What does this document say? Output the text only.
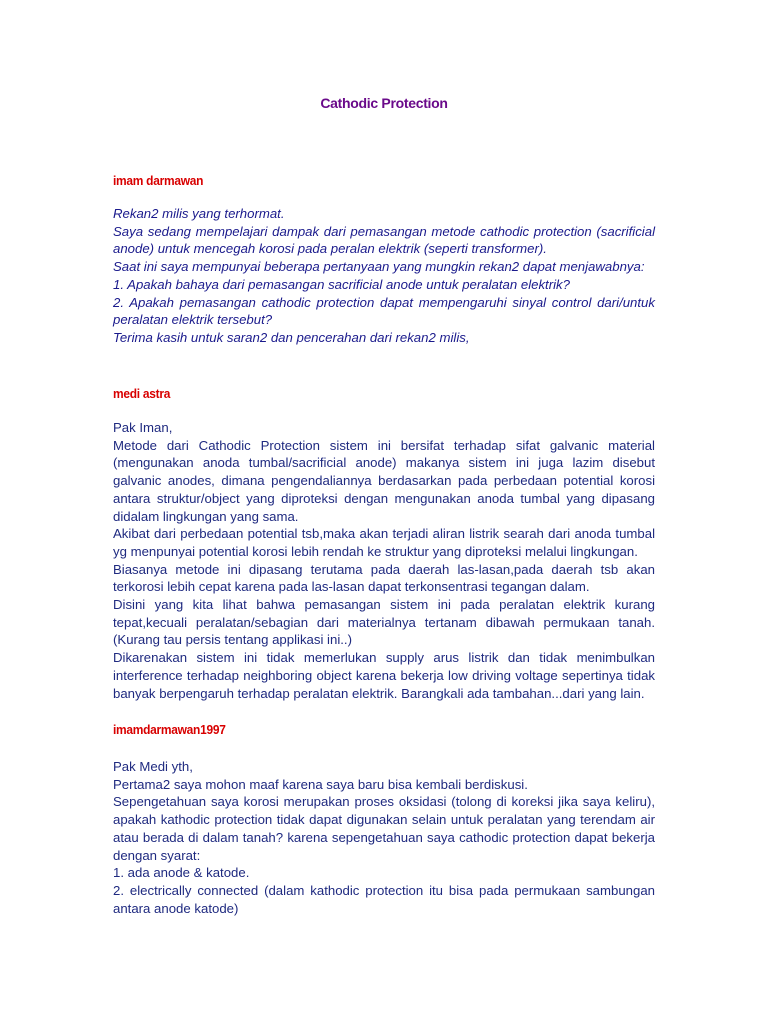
Cathodic Protection
imam darmawan

Rekan2 milis yang terhormat.

Saya sedang mempelajari dampak dari pemasangan metode cathodic protection (sacrificial anode) untuk mencegah korosi pada peralan elektrik (seperti transformer).

Saat ini saya mempunyai beberapa pertanyaan yang mungkin rekan2 dapat menjawabnya:

1. Apakah bahaya dari pemasangan sacrificial anode untuk peralatan elektrik?

2. Apakah pemasangan cathodic protection dapat mempengaruhi sinyal control dari/untuk peralatan elektrik tersebut?

Terima kasih untuk saran2 dan pencerahan dari rekan2 milis,

medi astra

Pak Iman,

Metode dari Cathodic Protection sistem ini bersifat terhadap sifat galvanic material (mengunakan anoda tumbal/sacrificial anode) makanya sistem ini juga lazim disebut galvanic anodes, dimana pengendaliannya berdasarkan pada perbedaan potential korosi antara struktur/object yang diproteksi dengan mengunakan anoda tumbal yang dipasang didalam lingkungan yang sama.

Akibat dari perbedaan potential tsb,maka akan terjadi aliran listrik searah dari anoda tumbal yg menpunyai potential korosi lebih rendah ke struktur yang diproteksi melalui lingkungan.

Biasanya metode ini dipasang terutama pada daerah las-lasan,pada daerah tsb akan terkorosi lebih cepat karena pada las-lasan dapat terkonsentrasi tegangan dalam.

Disini yang kita lihat bahwa pemasangan sistem ini pada peralatan elektrik kurang tepat,kecuali peralatan/sebagian dari materialnya tertanam dibawah permukaan tanah.(Kurang tau persis tentang applikasi ini..)

Dikarenakan sistem ini tidak memerlukan supply arus listrik dan tidak menimbulkan interference terhadap neighboring object karena bekerja low driving voltage sepertinya tidak banyak berpengaruh terhadap peralatan elektrik. Barangkali ada tambahan...dari yang lain.

imamdarmawan1997

Pak Medi yth,

Pertama2 saya mohon maaf karena saya baru bisa kembali berdiskusi.

Sepengetahuan saya korosi merupakan proses oksidasi (tolong di koreksi jika saya keliru), apakah kathodic protection tidak dapat digunakan selain untuk peralatan yang terendam air atau berada di dalam tanah? karena sepengetahuan saya cathodic protection dapat bekerja dengan syarat:

1. ada anode & katode.

2. electrically connected (dalam kathodic protection itu bisa pada permukaan sambungan antara anode katode)
